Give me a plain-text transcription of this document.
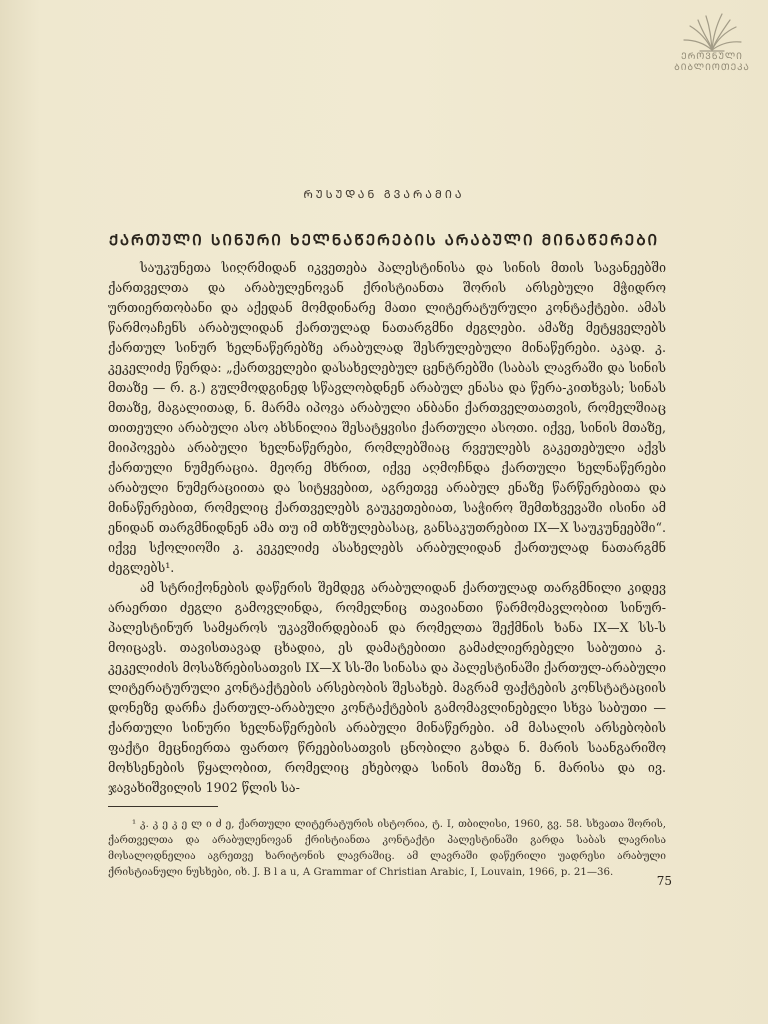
ᲔᲠᲝᲕᲜᲣᲚᲘ
ᲑᲘᲑᲚᲘᲝᲗᲔᲙᲐ
ᲠᲣᲡᲣᲓᲐᲜ ᲒᲕᲐᲠᲐᲛᲘᲐ
ᲥᲐᲠᲗᲣᲚᲘ ᲡᲘᲜᲣᲠᲘ ᲮᲔᲚᲜᲐᲬᲔᲠᲔᲑᲘᲡ ᲐᲠᲐᲑᲣᲚᲘ ᲛᲘᲜᲐᲬᲔᲠᲔᲑᲘ

საუკუნეთა სიღრმიდან იკვეთება პალესტინისა და სინის მთის სავანეებში ქართველთა და არაბულენოვან ქრისტიანთა შორის არსებული მჭიდრო ურთიერთობანი და აქედან მომდინარე მათი ლიტერატურული კონტაქტები. ამას წარმოაჩენს არაბულიდან ქართულად ნათარგმნი ძეგლები. ამაზე მეტყველებს ქართულ სინურ ხელნაწერებზე არაბულად შესრულებული მინაწერები. აკად. კ. კეკელიძე წერდა: „ქართველები დასახელებულ ცენტრებში (საბას ლავრაში და სინის მთაზე — რ. გ.) გულმოდგინედ სწავლობდნენ არაბულ ენასა და წერა-კითხვას; სინას მთაზე, მაგალითად, ნ. მარმა იპოვა არაბული ანბანი ქართველთათვის, რომელშიაც თითეული არაბული ასო ახსნილია შესატყვისი ქართული ასოთი. იქვე, სინის მთაზე, მიიპოვება არაბული ხელნაწერები, რომლებშიაც რვეულებს გაკეთებული აქვს ქართული ნუმერაცია. მეორე მხრით, იქვე აღმოჩნდა ქართული ხელნაწერები არაბული ნუმერაციითა და სიტყვებით, აგრეთვე არაბულ ენაზე წარწერებითა და მინაწერებით, რომელიც ქართველებს გაუკეთებიათ, საჭირო შემთხვევაში ისინი ამ ენიდან თარგმნიდნენ ამა თუ იმ თხზულებასაც, განსაკუთრებით IX—X საუკუნეებში“. იქვე სქოლიოში კ. კეკელიძე ასახელებს არაბულიდან ქართულად ნათარგმნ ძეგლებს¹.

ამ სტრიქონების დაწერის შემდეგ არაბულიდან ქართულად თარგმნილი კიდევ არაერთი ძეგლი გამოვლინდა, რომელნიც თავიანთი წარმომავლობით სინურ-პალესტინურ სამყაროს უკავშირდებიან და რომელთა შექმნის ხანა IX—X სს-ს მოიცავს. თავისთავად ცხადია, ეს დამატებითი გამაძლიერებელი საბუთია კ. კეკელიძის მოსაზრებისათვის IX—X სს-ში სინასა და პალესტინაში ქართულ-არაბული ლიტერატურული კონტაქტების არსებობის შესახებ. მაგრამ ფაქტების კონსტატაციის დონეზე დარჩა ქართულ-არაბული კონტაქტების გამომავლინებელი სხვა საბუთი — ქართული სინური ხელნაწერების არაბული მინაწერები. ამ მასალის არსებობის ფაქტი მეცნიერთა ფართო წრეებისათვის ცნობილი გახდა ნ. მარის საანგარიშო მოხსენების წყალობით, რომელიც ეხებოდა სინის მთაზე ნ. მარისა და ივ. ჯავახიშვილის 1902 წლის სა-

¹ კ. კ ე კ ე ლ ი ძ ე, ქართული ლიტერატურის ისტორია, ტ. I, თბილისი, 1960, გვ. 58. სხვათა შორის, ქართველთა და არაბულენოვან ქრისტიანთა კონტაქტი პალესტინაში გარდა საბას ლავრისა მოსალოდნელია აგრეთვე ხარიტონის ლავრაშიც. ამ ლავრაში დაწერილი უადრესი არაბული ქრისტიანული ნუსხები, იხ. J. B l a u, A Grammar of Christian Arabic, I, Louvain, 1966, p. 21—36.

75
